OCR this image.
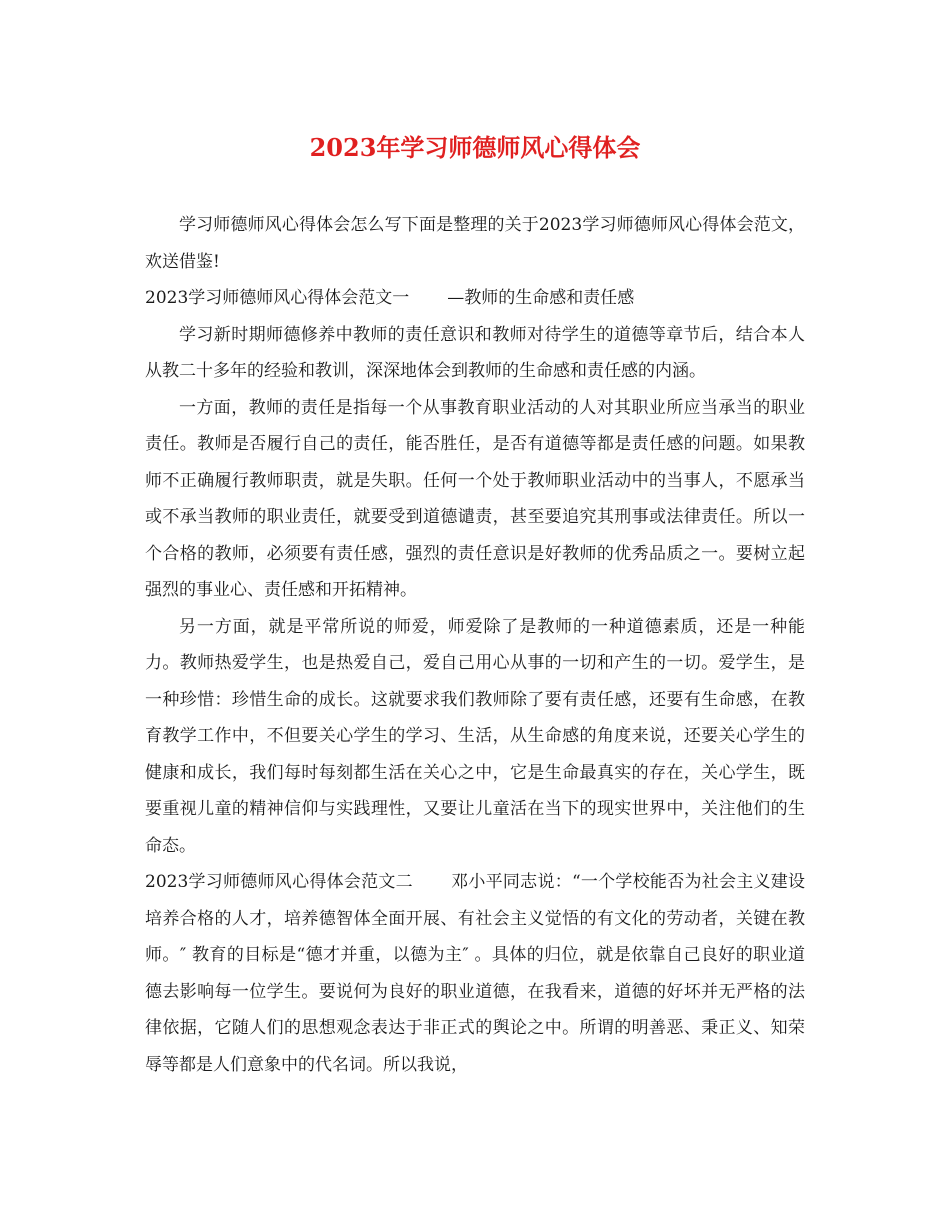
2023年学习师德师风心得体会

学习师德师风心得体会怎么写下面是整理的关于2023学习师德师风心得体会范文，欢送借鉴!

2023学习师德师风心得体会范文一 —教师的生命感和责任感

学习新时期师德修养中教师的责任意识和教师对待学生的道德等章节后，结合本人从教二十多年的经验和教训，深深地体会到教师的生命感和责任感的内涵。

一方面，教师的责任是指每一个从事教育职业活动的人对其职业所应当承当的职业责任。教师是否履行自己的责任，能否胜任，是否有道德等都是责任感的问题。如果教师不正确履行教师职责，就是失职。任何一个处于教师职业活动中的当事人，不愿承当或不承当教师的职业责任，就要受到道德谴责，甚至要追究其刑事或法律责任。所以一个合格的教师，必须要有责任感，强烈的责任意识是好教师的优秀品质之一。要树立起强烈的事业心、责任感和开拓精神。

另一方面，就是平常所说的师爱，师爱除了是教师的一种道德素质，还是一种能力。教师热爱学生，也是热爱自己，爱自己用心从事的一切和产生的一切。爱学生，是一种珍惜：珍惜生命的成长。这就要求我们教师除了要有责任感，还要有生命感，在教育教学工作中，不但要关心学生的学习、生活，从生命感的角度来说，还要关心学生的健康和成长，我们每时每刻都生活在关心之中，它是生命最真实的存在，关心学生，既要重视儿童的精神信仰与实践理性，又要让儿童活在当下的现实世界中，关注他们的生命态。

2023学习师德师风心得体会范文二 邓小平同志说：“一个学校能否为社会主义建设培养合格的人才，培养德智体全面开展、有社会主义觉悟的有文化的劳动者，关键在教师。″ 教育的目标是“德才并重，以德为主″ 。具体的归位，就是依靠自己良好的职业道德去影响每一位学生。要说何为良好的职业道德，在我看来，道德的好坏并无严格的法律依据，它随人们的思想观念表达于非正式的舆论之中。所谓的明善恶、秉正义、知荣辱等都是人们意象中的代名词。所以我说，
